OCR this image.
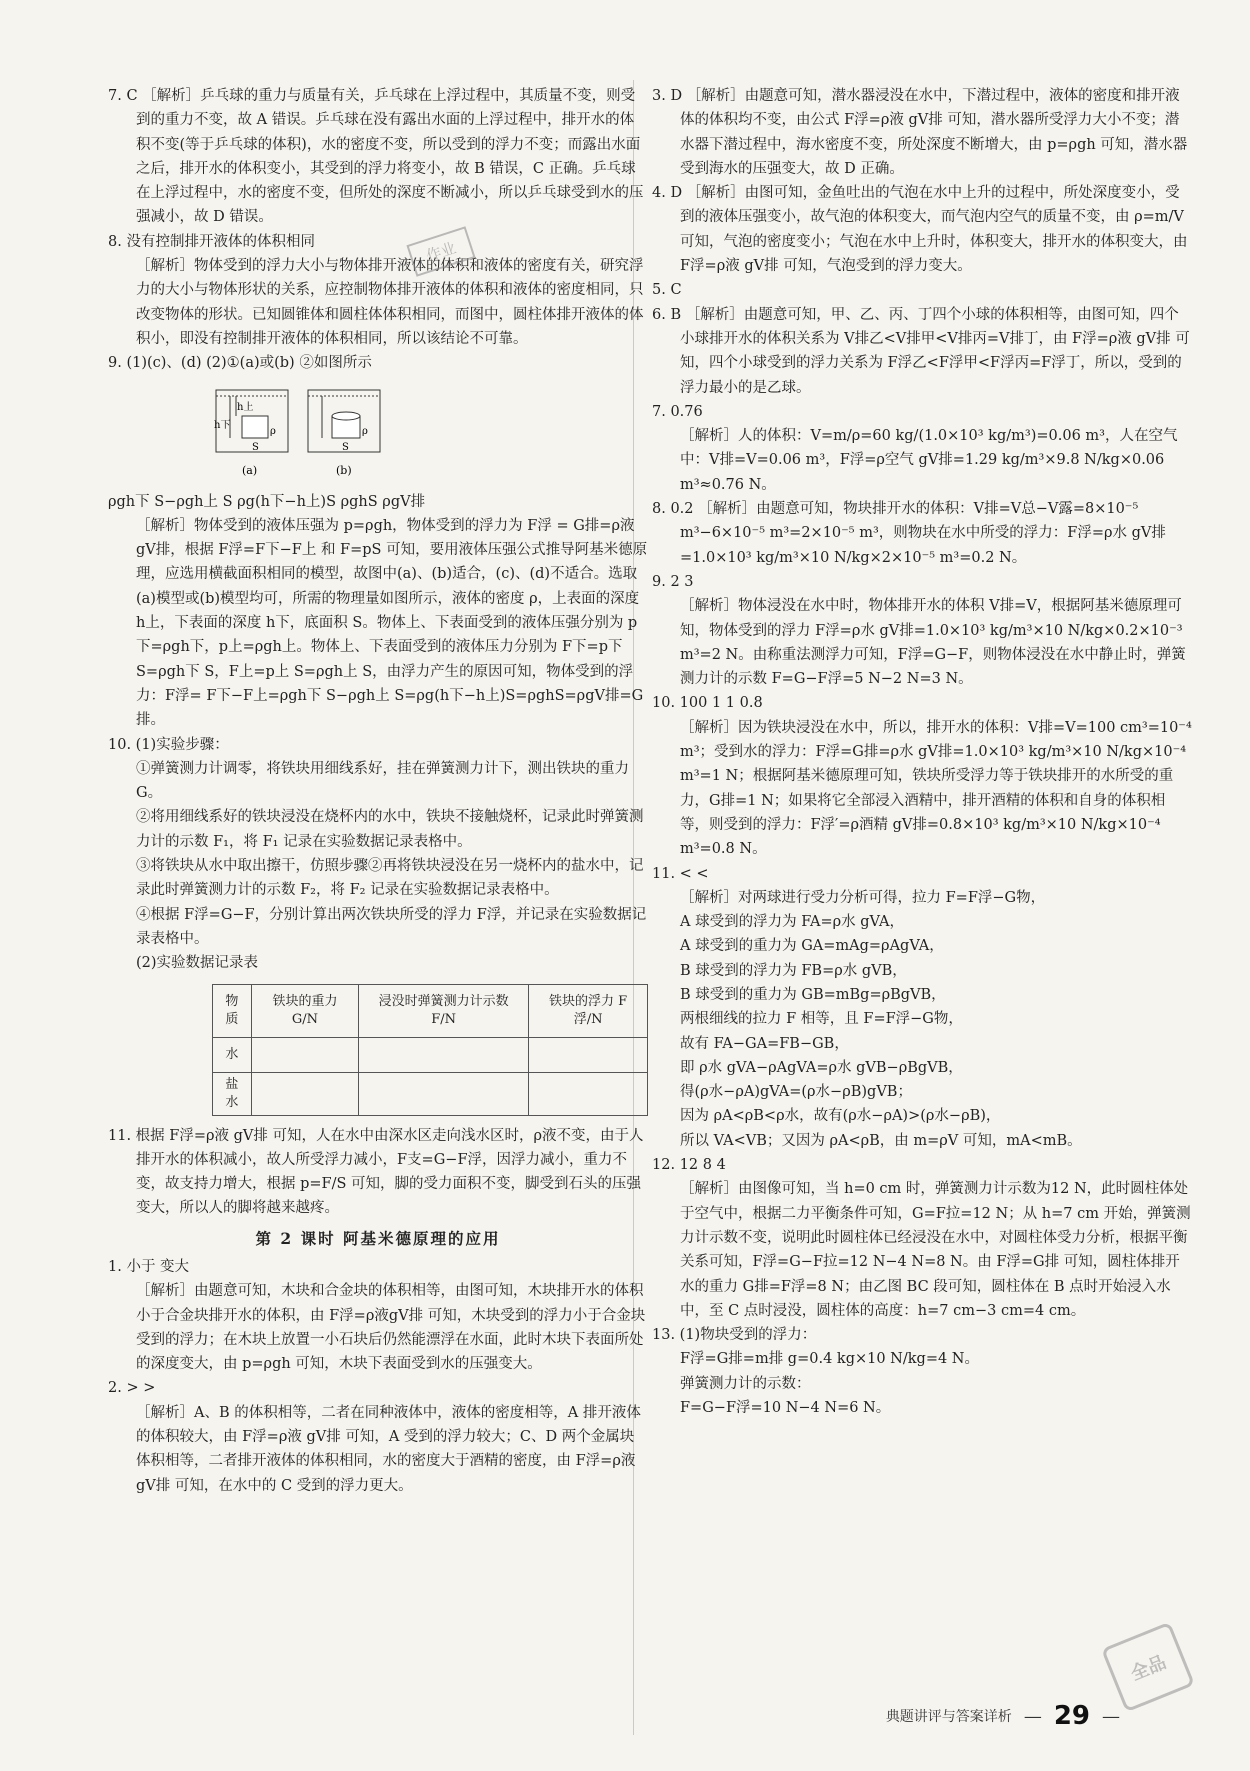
7. C ［解析］乒乓球的重力与质量有关，乒乓球在上浮过程中，其质量不变，则受到的重力不变，故 A 错误。乒乓球在没有露出水面的上浮过程中，排开水的体积不变(等于乒乓球的体积)，水的密度不变，所以受到的浮力不变；而露出水面之后，排开水的体积变小，其受到的浮力将变小，故 B 错误，C 正确。乒乓球在上浮过程中，水的密度不变，但所处的深度不断减小，所以乒乓球受到水的压强减小，故 D 错误。

8. 没有控制排开液体的体积相同

［解析］物体受到的浮力大小与物体排开液体的体积和液体的密度有关，研究浮力的大小与物体形状的关系，应控制物体排开液体的体积和液体的密度相同，只改变物体的形状。已知圆锥体和圆柱体体积相同，而图中，圆柱体排开液体的体积小，即没有控制排开液体的体积相同，所以该结论不可靠。

9. (1)(c)、(d) (2)①(a)或(b) ②如图所示

h下
h上
ρ
S
(a)
ρ
S
(b)

ρgh下 S−ρgh上 S ρg(h下−h上)S ρghS ρgV排

［解析］物体受到的液体压强为 p=ρgh，物体受到的浮力为 F浮 = G排=ρ液gV排，根据 F浮=F下−F上 和 F=pS 可知，要用液体压强公式推导阿基米德原理，应选用横截面积相同的模型，故图中(a)、(b)适合，(c)、(d)不适合。选取(a)模型或(b)模型均可，所需的物理量如图所示，液体的密度 ρ，上表面的深度 h上，下表面的深度 h下，底面积 S。物体上、下表面受到的液体压强分别为 p下=ρgh下，p上=ρgh上。物体上、下表面受到的液体压力分别为 F下=p下 S=ρgh下 S，F上=p上 S=ρgh上 S，由浮力产生的原因可知，物体受到的浮力：F浮= F下−F上=ρgh下 S−ρgh上 S=ρg(h下−h上)S=ρghS=ρgV排=G排。

10. (1)实验步骤：

①弹簧测力计调零，将铁块用细线系好，挂在弹簧测力计下，测出铁块的重力 G。

②将用细线系好的铁块浸没在烧杯内的水中，铁块不接触烧杯，记录此时弹簧测力计的示数 F₁，将 F₁ 记录在实验数据记录表格中。

③将铁块从水中取出擦干，仿照步骤②再将铁块浸没在另一烧杯内的盐水中，记录此时弹簧测力计的示数 F₂，将 F₂ 记录在实验数据记录表格中。

④根据 F浮=G−F，分别计算出两次铁块所受的浮力 F浮，并记录在实验数据记录表格中。

(2)实验数据记录表

物质	铁块的重力 G/N	浸没时弹簧测力计示数 F/N	铁块的浮力 F浮/N
水			
盐水			

11. 根据 F浮=ρ液 gV排 可知，人在水中由深水区走向浅水区时，ρ液不变，由于人排开水的体积减小，故人所受浮力减小，F支=G−F浮，因浮力减小，重力不变，故支持力增大，根据 p=F/S 可知，脚的受力面积不变，脚受到石头的压强变大，所以人的脚将越来越疼。

第 2 课时 阿基米德原理的应用

1. 小于 变大

［解析］由题意可知，木块和合金块的体积相等，由图可知，木块排开水的体积小于合金块排开水的体积，由 F浮=ρ液gV排 可知，木块受到的浮力小于合金块受到的浮力；在木块上放置一小石块后仍然能漂浮在水面，此时木块下表面所处的深度变大，由 p=ρgh 可知，木块下表面受到水的压强变大。

2. > >

［解析］A、B 的体积相等，二者在同种液体中，液体的密度相等，A 排开液体的体积较大，由 F浮=ρ液 gV排 可知，A 受到的浮力较大；C、D 两个金属块体积相等，二者排开液体的体积相同，水的密度大于酒精的密度，由 F浮=ρ液 gV排 可知，在水中的 C 受到的浮力更大。

3. D ［解析］由题意可知，潜水器浸没在水中，下潜过程中，液体的密度和排开液体的体积均不变，由公式 F浮=ρ液 gV排 可知，潜水器所受浮力大小不变；潜水器下潜过程中，海水密度不变，所处深度不断增大，由 p=ρgh 可知，潜水器受到海水的压强变大，故 D 正确。

4. D ［解析］由图可知，金鱼吐出的气泡在水中上升的过程中，所处深度变小，受到的液体压强变小，故气泡的体积变大，而气泡内空气的质量不变，由 ρ=m/V 可知，气泡的密度变小；气泡在水中上升时，体积变大，排开水的体积变大，由 F浮=ρ液 gV排 可知，气泡受到的浮力变大。

5. C

6. B ［解析］由题意可知，甲、乙、丙、丁四个小球的体积相等，由图可知，四个小球排开水的体积关系为 V排乙<V排甲<V排丙=V排丁，由 F浮=ρ液 gV排 可知，四个小球受到的浮力关系为 F浮乙<F浮甲<F浮丙=F浮丁，所以，受到的浮力最小的是乙球。

7. 0.76

［解析］人的体积：V=m/ρ=60 kg/(1.0×10³ kg/m³)=0.06 m³，人在空气中：V排=V=0.06 m³，F浮=ρ空气 gV排=1.29 kg/m³×9.8 N/kg×0.06 m³≈0.76 N。

8. 0.2 ［解析］由题意可知，物块排开水的体积：V排=V总−V露=8×10⁻⁵ m³−6×10⁻⁵ m³=2×10⁻⁵ m³，则物块在水中所受的浮力：F浮=ρ水 gV排=1.0×10³ kg/m³×10 N/kg×2×10⁻⁵ m³=0.2 N。

9. 2 3

［解析］物体浸没在水中时，物体排开水的体积 V排=V，根据阿基米德原理可知，物体受到的浮力 F浮=ρ水 gV排=1.0×10³ kg/m³×10 N/kg×0.2×10⁻³ m³=2 N。由称重法测浮力可知，F浮=G−F，则物体浸没在水中静止时，弹簧测力计的示数 F=G−F浮=5 N−2 N=3 N。

10. 100 1 1 0.8

［解析］因为铁块浸没在水中，所以，排开水的体积：V排=V=100 cm³=10⁻⁴ m³；受到水的浮力：F浮=G排=ρ水 gV排=1.0×10³ kg/m³×10 N/kg×10⁻⁴ m³=1 N；根据阿基米德原理可知，铁块所受浮力等于铁块排开的水所受的重力，G排=1 N；如果将它全部浸入酒精中，排开酒精的体积和自身的体积相等，则受到的浮力：F浮′=ρ酒精 gV排=0.8×10³ kg/m³×10 N/kg×10⁻⁴ m³=0.8 N。

11. < <

［解析］对两球进行受力分析可得，拉力 F=F浮−G物，

A 球受到的浮力为 FA=ρ水 gVA，

A 球受到的重力为 GA=mAg=ρAgVA，

B 球受到的浮力为 FB=ρ水 gVB，

B 球受到的重力为 GB=mBg=ρBgVB，

两根细线的拉力 F 相等，且 F=F浮−G物，

故有 FA−GA=FB−GB，

即 ρ水 gVA−ρAgVA=ρ水 gVB−ρBgVB，

得(ρ水−ρA)gVA=(ρ水−ρB)gVB；

因为 ρA<ρB<ρ水，故有(ρ水−ρA)>(ρ水−ρB)，

所以 VA<VB；又因为 ρA<ρB，由 m=ρV 可知，mA<mB。

12. 12 8 4

［解析］由图像可知，当 h=0 cm 时，弹簧测力计示数为12 N，此时圆柱体处于空气中，根据二力平衡条件可知，G=F拉=12 N；从 h=7 cm 开始，弹簧测力计示数不变，说明此时圆柱体已经浸没在水中，对圆柱体受力分析，根据平衡关系可知，F浮=G−F拉=12 N−4 N=8 N。由 F浮=G排 可知，圆柱体排开水的重力 G排=F浮=8 N；由乙图 BC 段可知，圆柱体在 B 点时开始浸入水中，至 C 点时浸没，圆柱体的高度：h=7 cm−3 cm=4 cm。

13. (1)物块受到的浮力：

F浮=G排=m排 g=0.4 kg×10 N/kg=4 N。

弹簧测力计的示数：

F=G−F浮=10 N−4 N=6 N。

作业
全品
典题讲评与答案详析 — 29 —
